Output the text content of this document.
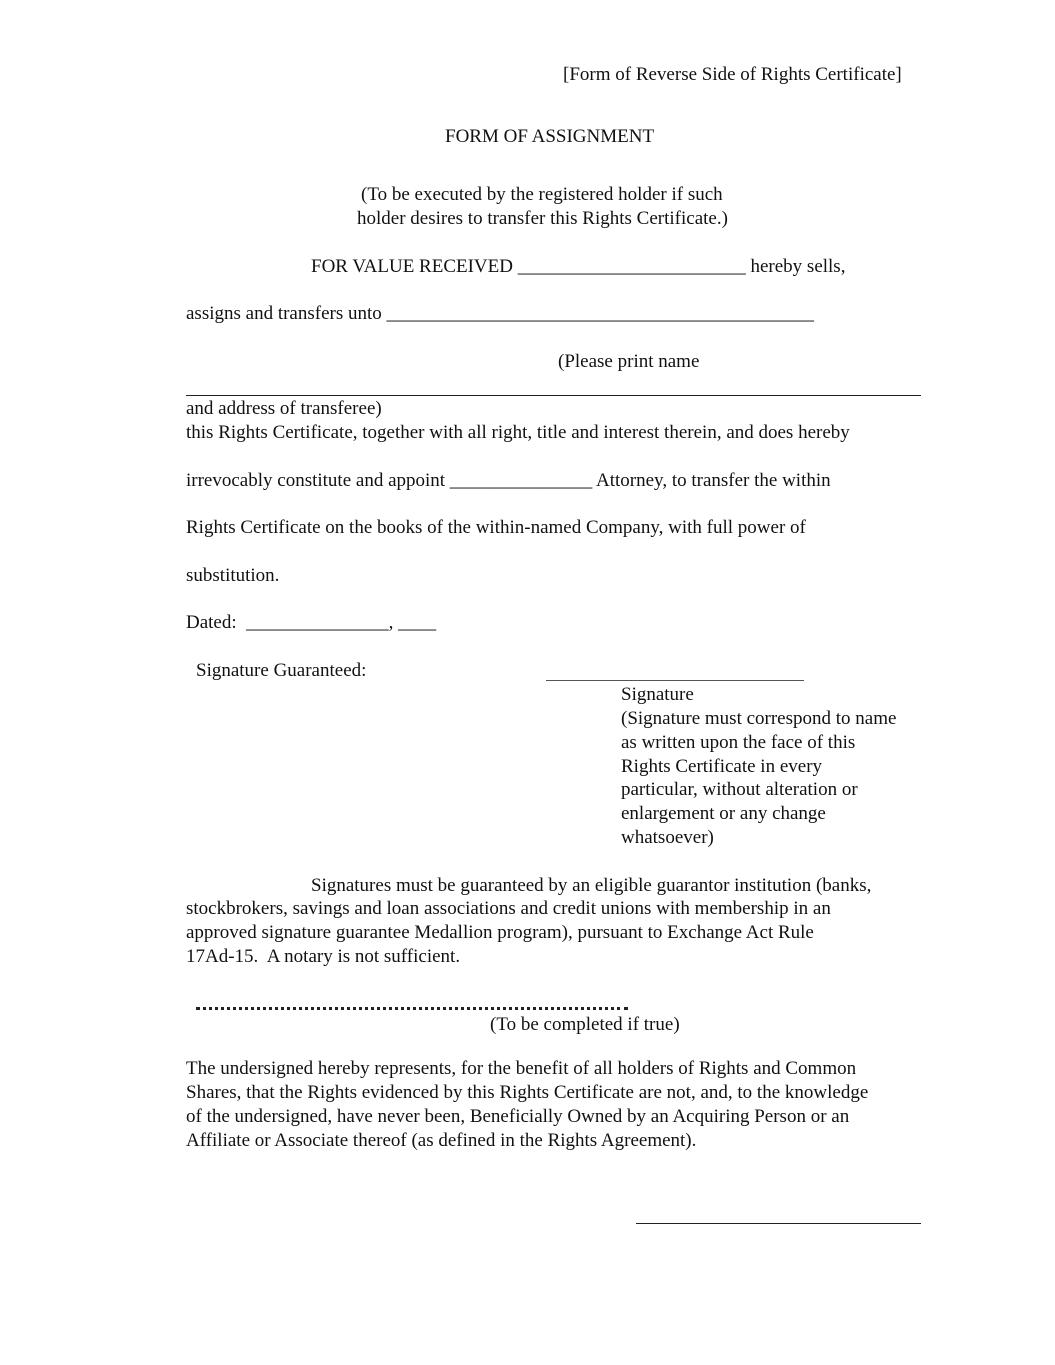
[Form of Reverse Side of Rights Certificate]
FORM OF ASSIGNMENT
(To be executed by the registered holder if such
holder desires to transfer this Rights Certificate.)
FOR VALUE RECEIVED ________________________ hereby sells,
assigns and transfers unto _____________________________________________
(Please print name
and address of transferee)
this Rights Certificate, together with all right, title and interest therein, and does hereby
irrevocably constitute and appoint _______________ Attorney, to transfer the within
Rights Certificate on the books of the within-named Company, with full power of
substitution.
Dated:  _______________, ____
Signature Guaranteed:
Signature
(Signature must correspond to name
as written upon the face of this
Rights Certificate in every
particular, without alteration or
enlargement or any change
whatsoever)
Signatures must be guaranteed by an eligible guarantor institution (banks,
stockbrokers, savings and loan associations and credit unions with membership in an
approved signature guarantee Medallion program), pursuant to Exchange Act Rule
17Ad-15.  A notary is not sufficient.
(To be completed if true)
The undersigned hereby represents, for the benefit of all holders of Rights and Common
Shares, that the Rights evidenced by this Rights Certificate are not, and, to the knowledge
of the undersigned, have never been, Beneficially Owned by an Acquiring Person or an
Affiliate or Associate thereof (as defined in the Rights Agreement).
